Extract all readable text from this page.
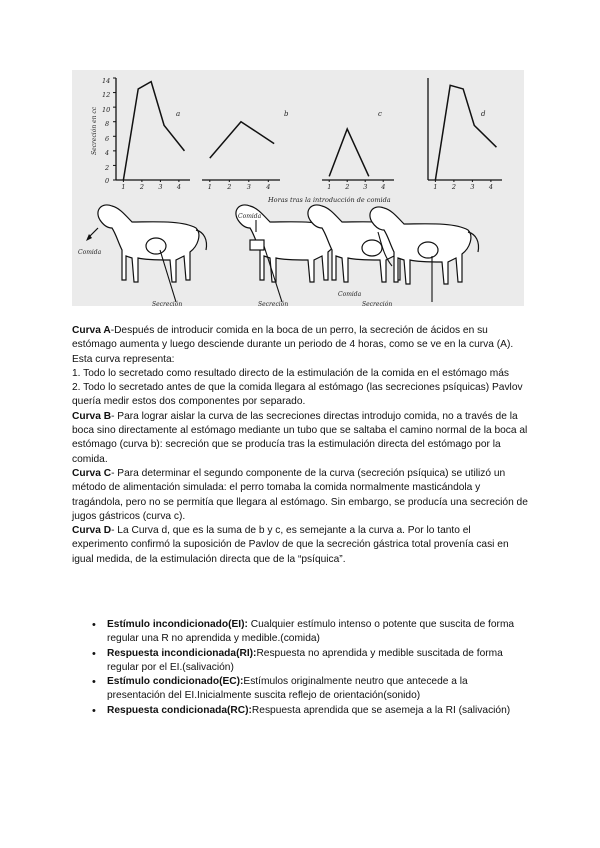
14
12
10
8
6
4
2
0
Secreción en cc
1 2 3 4	1 2 3 4	1 2 3 4	1 2 3 4
a	b	c	d
Horas tras la introducción de comida
Comida
Secreción
Comida
Secreción
Comida
Secreción

Curva A-Después de introducir comida en la boca de un perro, la secreción de ácidos en su estómago aumenta y luego desciende durante un periodo de 4 horas, como se ve en la curva (A). Esta curva representa:

1. Todo lo secretado como resultado directo de la estimulación de la comida en el estómago más

2. Todo lo secretado antes de que la comida llegara al estómago (las secreciones psíquicas) Pavlov quería medir estos dos componentes por separado.

Curva B- Para lograr aislar la curva de las secreciones directas introdujo comida, no a través de la boca sino directamente al estómago mediante un tubo que se saltaba el camino normal de la boca al estómago (curva b): secreción que se producía tras la estimulación directa del estómago por la comida.

Curva C- Para determinar el segundo componente de la curva (secreción psíquica) se utilizó un método de alimentación simulada: el perro tomaba la comida normalmente masticándola y tragándola, pero no se permitía que llegara al estómago. Sin embargo, se producía una secreción de jugos gástricos (curva c).

Curva D- La Curva d, que es la suma de b y c, es semejante a la curva a. Por lo tanto el experimento confirmó la suposición de Pavlov de que la secreción gástrica total provenía casi en igual medida, de la estimulación directa que de la “psíquica”.

• Estímulo incondicionado(EI): Cualquier estímulo intenso o potente que suscita de forma regular una R no aprendida y medible.(comida)
• Respuesta incondicionada(RI):Respuesta no aprendida y medible suscitada de forma regular por el EI.(salivación)
• Estímulo condicionado(EC):Estímulos originalmente neutro que antecede a la presentación del EI.Inicialmente suscita reflejo de orientación(sonido)
• Respuesta condicionada(RC):Respuesta aprendida que se asemeja a la RI (salivación)
